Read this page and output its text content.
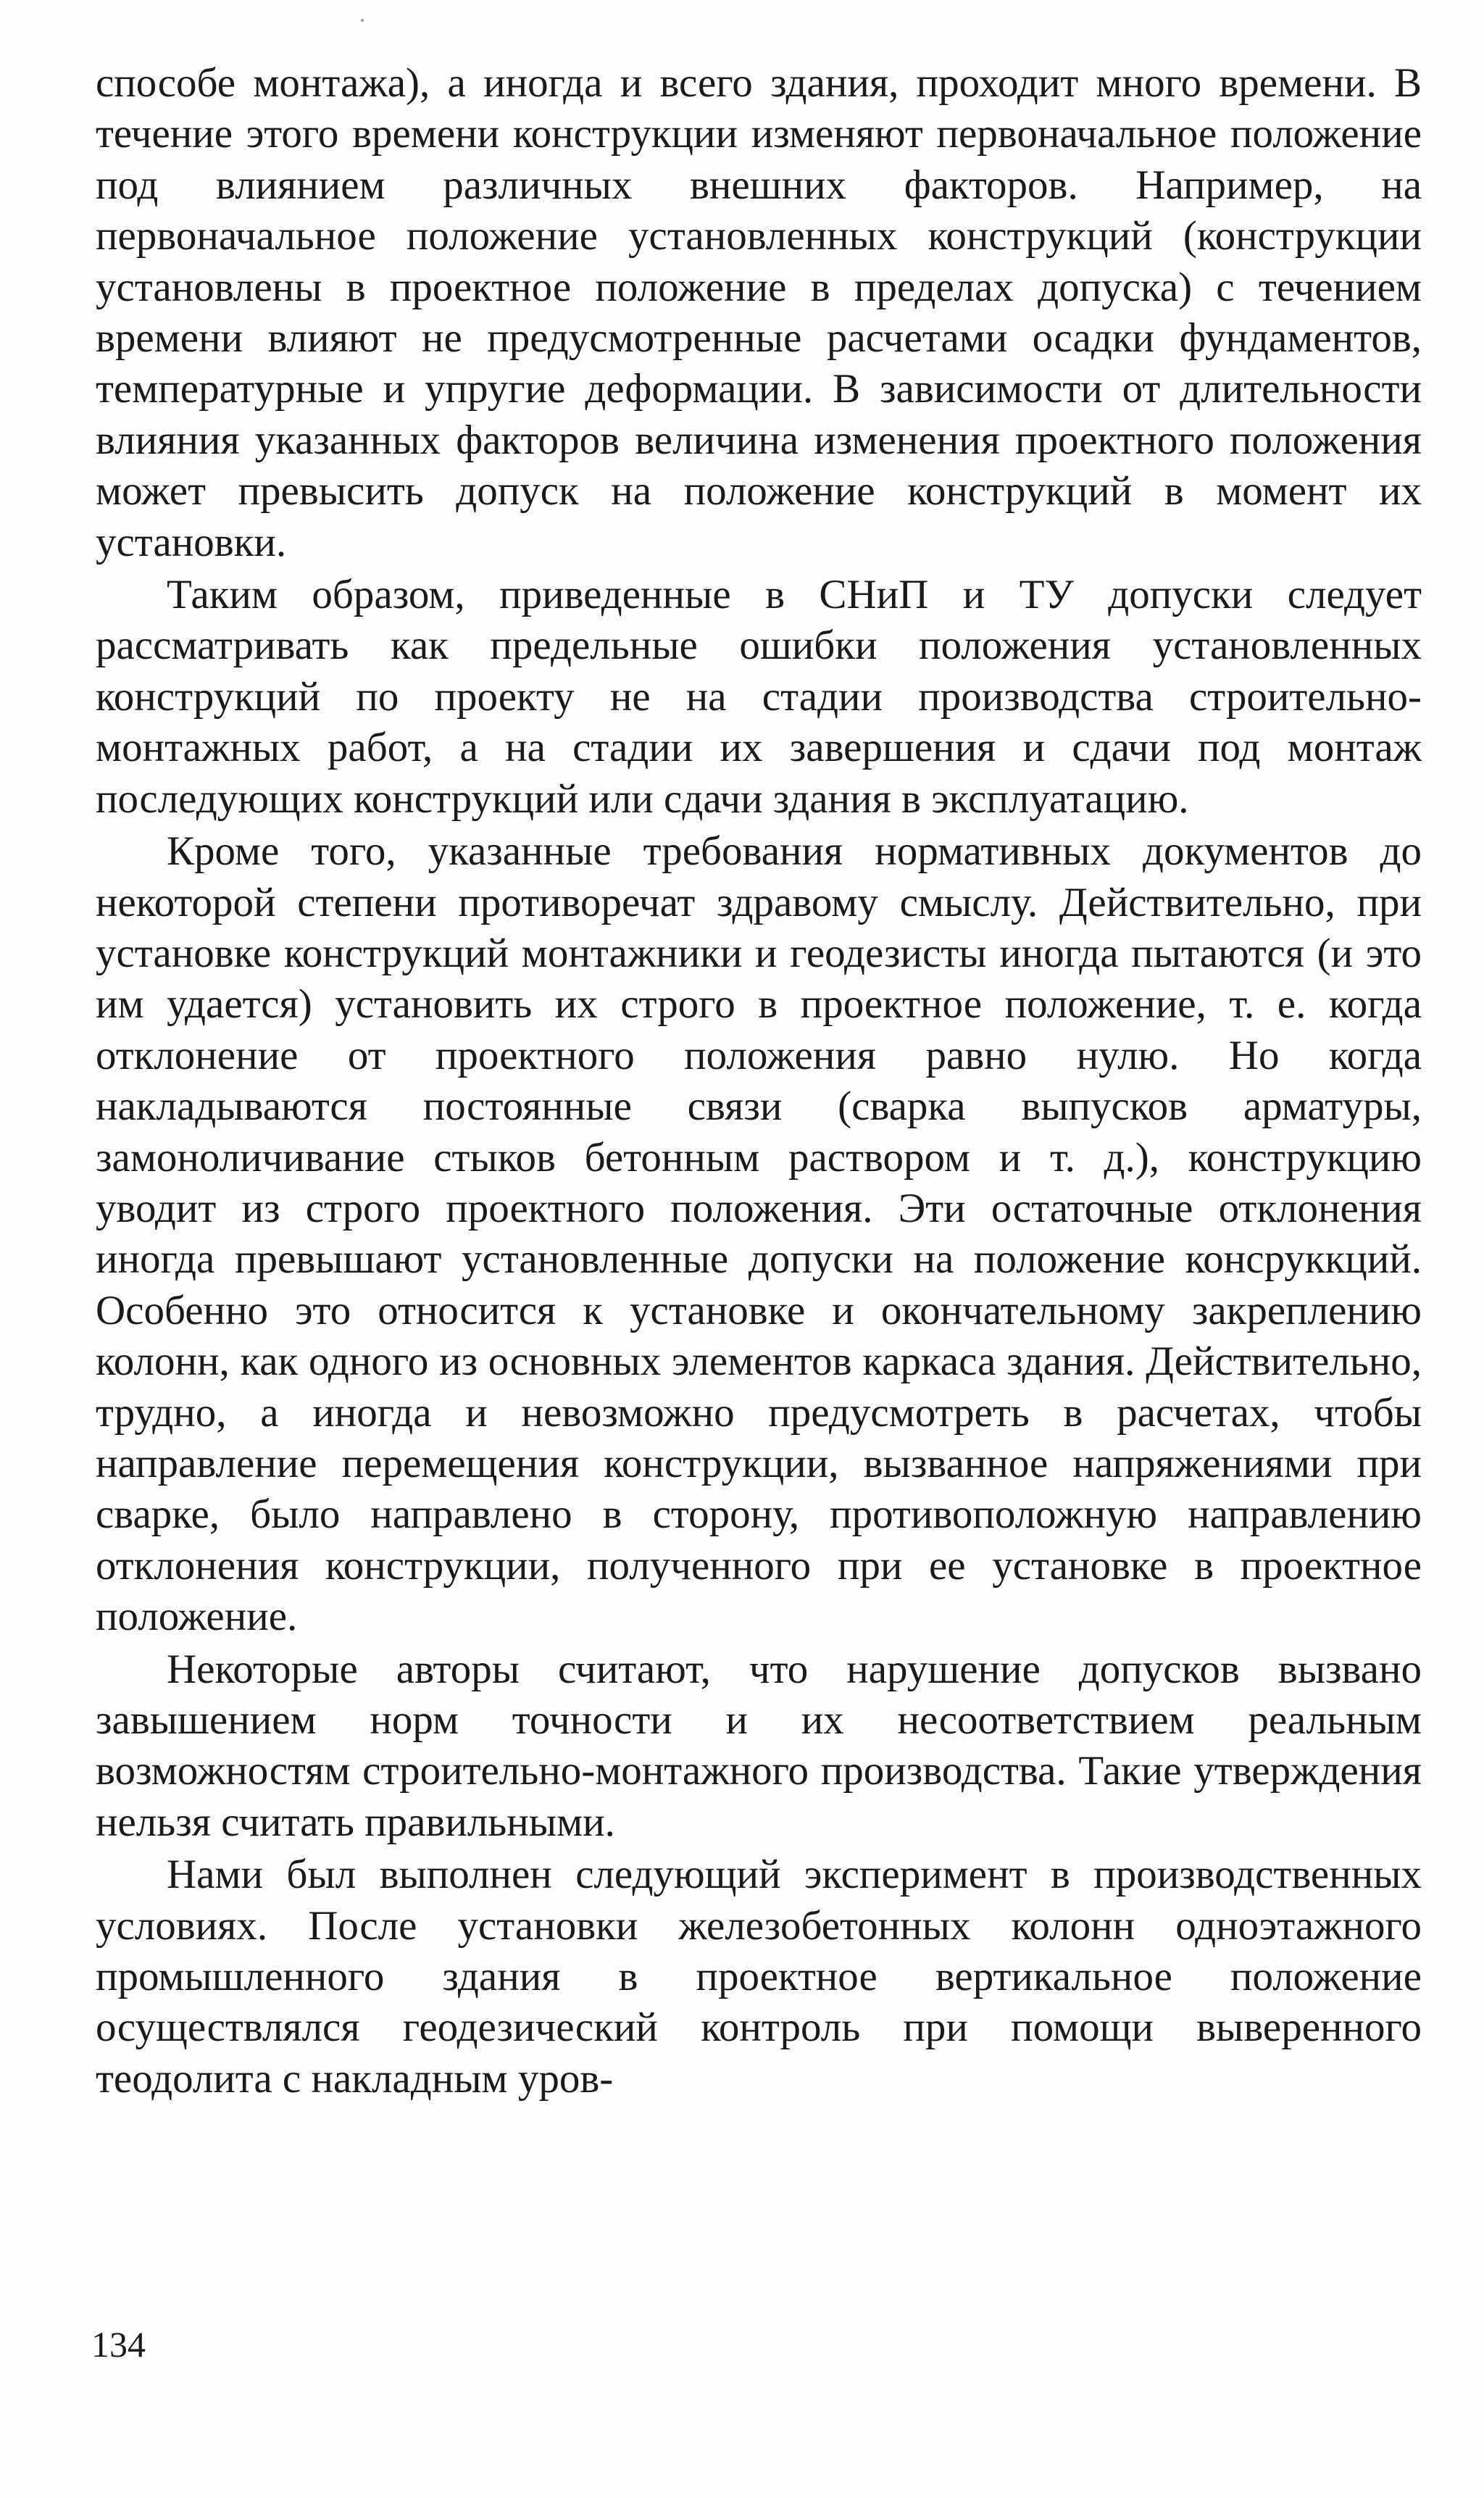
способе монтажа), а иногда и всего здания, проходит много времени. В течение этого времени конструкции изменяют первоначальное положение под влиянием различных внешних факторов. Например, на первоначальное положение установленных конструкций (конструкции установлены в проектное положение в пределах допуска) с течением времени влияют не предусмотренные расчетами осадки фундаментов, температурные и упругие деформации. В зависимости от длительности влияния указанных факторов величина изменения проектного положения может превысить допуск на положение конструкций в момент их установки.

Таким образом, приведенные в СНиП и ТУ допуски следует рассматривать как предельные ошибки положения установленных конструкций по проекту не на стадии производства строительно-монтажных работ, а на стадии их завершения и сдачи под монтаж последующих конструкций или сдачи здания в эксплуатацию.

Кроме того, указанные требования нормативных документов до некоторой степени противоречат здравому смыслу. Действительно, при установке конструкций монтажники и геодезисты иногда пытаются (и это им удается) установить их строго в проектное положение, т. е. когда отклонение от проектного положения равно нулю. Но когда накладываются постоянные связи (сварка выпусков арматуры, замоноличивание стыков бетонным раствором и т. д.), конструкцию уводит из строго проектного положения. Эти остаточные отклонения иногда превышают установленные допуски на положение консруккций. Особенно это относится к установке и окончательному закреплению колонн, как одного из основных элементов каркаса здания. Действительно, трудно, а иногда и невозможно предусмотреть в расчетах, чтобы направление перемещения конструкции, вызванное напряжениями при сварке, было направлено в сторону, противоположную направлению отклонения конструкции, полученного при ее установке в проектное положение.

Некоторые авторы считают, что нарушение допусков вызвано завышением норм точности и их несоответствием реальным возможностям строительно-монтажного производства. Такие утверждения нельзя считать правильными.

Нами был выполнен следующий эксперимент в производственных условиях. После установки железобетонных колонн одноэтажного промышленного здания в проектное вертикальное положение осуществлялся геодезический контроль при помощи выверенного теодолита с накладным уров-

134
